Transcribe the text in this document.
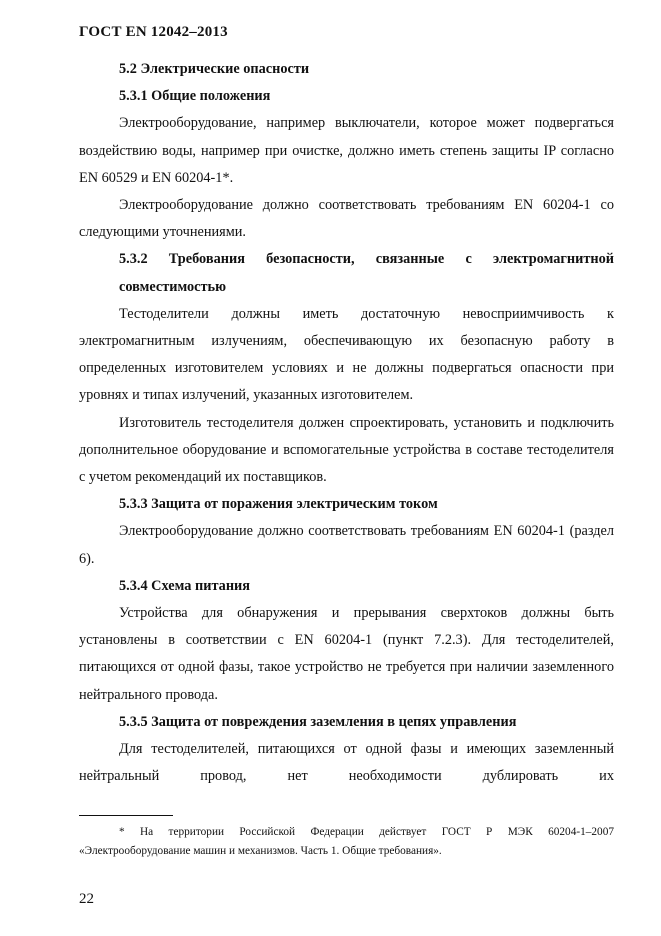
ГОСТ EN 12042–2013

5.2 Электрические опасности

5.3.1 Общие положения

Электрооборудование, например выключатели, которое может подвергаться воздействию воды, например при очистке, должно иметь степень защиты IP согласно EN 60529 и EN 60204-1*.

Электрооборудование должно соответствовать требованиям EN 60204-1 со следующими уточнениями.

5.3.2 Требования безопасности, связанные с электромагнитной совместимостью

Тестоделители должны иметь достаточную невосприимчивость к электромагнитным излучениям, обеспечивающую их безопасную работу в определенных изготовителем условиях и не должны подвергаться опасности при уровнях и типах излучений, указанных изготовителем.

Изготовитель тестоделителя должен спроектировать, установить и подключить дополнительное оборудование и вспомогательные устройства в составе тестоделителя с учетом рекомендаций их поставщиков.

5.3.3 Защита от поражения электрическим током

Электрооборудование должно соответствовать требованиям EN 60204-1 (раздел 6).

5.3.4 Схема питания

Устройства для обнаружения и прерывания сверхтоков должны быть установлены в соответствии с EN 60204-1 (пункт 7.2.3). Для тестоделителей, питающихся от одной фазы, такое устройство не требуется при наличии заземленного нейтрального провода.

5.3.5 Защита от повреждения заземления в цепях управления

Для тестоделителей, питающихся от одной фазы и имеющих заземленный нейтральный провод, нет необходимости дублировать их

* На территории Российской Федерации действует ГОСТ Р МЭК 60204-1–2007 «Электрооборудование машин и механизмов. Часть 1. Общие требования».

22
